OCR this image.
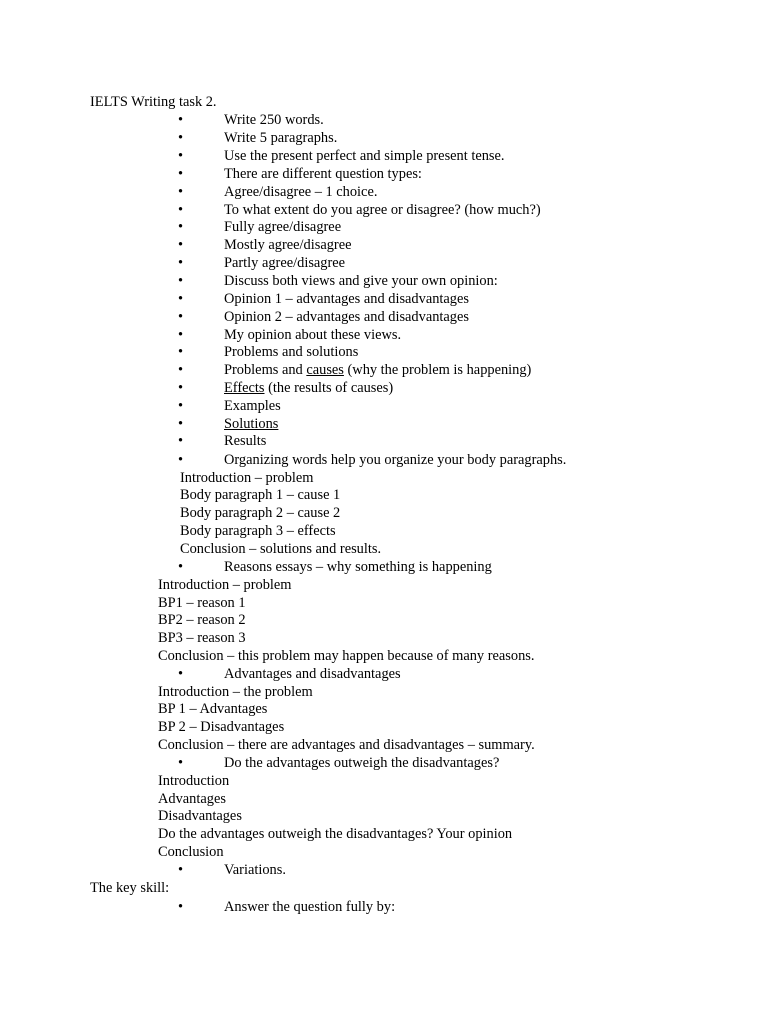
IELTS Writing task 2.
•	Write 250 words.
•	Write 5 paragraphs.
•	Use the present perfect and simple present tense.
•	There are different question types:
•	Agree/disagree – 1 choice.
•	To what extent do you agree or disagree? (how much?)
•	Fully agree/disagree
•	Mostly agree/disagree
•	Partly agree/disagree
•	Discuss both views and give your own opinion:
•	Opinion 1 – advantages and disadvantages
•	Opinion 2 – advantages and disadvantages
•	My opinion about these views.
•	Problems and solutions
•	Problems and causes (why the problem is happening)
•	Effects (the results of causes)
•	Examples
•	Solutions
•	Results
•	Organizing words help you organize your body paragraphs.
Introduction – problem
Body paragraph 1 – cause 1
Body paragraph 2 – cause 2
Body paragraph 3 – effects
Conclusion – solutions and results.
•	Reasons essays – why something is happening
Introduction – problem
BP1 – reason 1
BP2 – reason 2
BP3 – reason 3
Conclusion – this problem may happen because of many reasons.
•	Advantages and disadvantages
Introduction – the problem
BP 1 – Advantages
BP 2 – Disadvantages
Conclusion – there are advantages and disadvantages – summary.
•	Do the advantages outweigh the disadvantages?
Introduction
Advantages
Disadvantages
Do the advantages outweigh the disadvantages? Your opinion
Conclusion
•	Variations.
The key skill:
•	Answer the question fully by:
